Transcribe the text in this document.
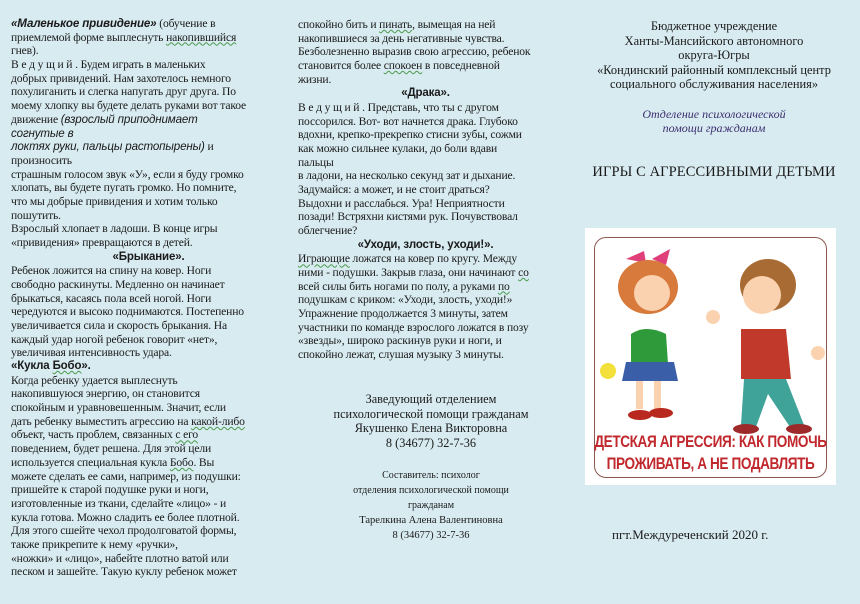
«Маленькое привидение» (обучение в
приемлемой форме выплеснуть накопившийся
гнев).
В е д у щ и й . Будем играть в маленьких
добрых привидений. Нам захотелось немного
похулиганить и слегка напугать друг друга. По
моему хлопку вы будете делать руками вот такое
движение (взрослый приподнимает
согнутые в
локтях руки, пальцы растопырены) и
произносить
страшным голосом звук «У», если я буду громко
хлопать, вы будете пугать громко. Но помните,
что мы добрые привидения и хотим только
пошутить.
Взрослый хлопает в ладоши. В конце игры
«привидения» превращаются в детей.
«Брыкание».
Ребенок ложится на спину на ковер. Ноги
свободно раскинуты. Медленно он начинает
брыкаться, касаясь пола всей ногой. Ноги
чередуются и высоко поднимаются. Постепенно
увеличивается сила и скорость брыкания. На
каждый удар ногой ребенок говорит «нет»,
увеличивая интенсивность удара.
«Кукла Бобо».
Когда ребенку удается выплеснуть
накопившуюся энергию, он становится
спокойным и уравновешенным. Значит, если
дать ребенку выместить агрессию на какой-либо
объект, часть проблем, связанных с его
поведением, будет решена. Для этой цели
используется специальная кукла Бобо. Вы
можете сделать ее сами, например, из подушки:
пришейте к старой подушке руки и ноги,
изготовленные из ткани, сделайте «лицо» - и
кукла готова. Можно сладить ее более плотной.
Для этого сшейте чехол продолговатой формы,
также прикрепите к нему «ручки»,
«ножки» и «лицо», набейте плотно ватой или
песком и зашейте. Такую куклу ребенок может
спокойно бить и пинать, вымещая на ней
накопившиеся за день негативные чувства.
Безболезненно выразив свою агрессию, ребенок
становится более спокоен в повседневной
жизни.
«Драка».
В е д у щ и й . Представь, что ты с другом
поссорился. Вот- вот начнется драка. Глубоко
вдохни, крепко-прекрепко стисни зубы, сожми
как можно сильнее кулаки, до боли вдави
пальцы
в ладони, на несколько секунд зат и дыхание.
Задумайся: а может, и не стоит драться?
Выдохни и расслабься. Ура! Неприятности
позади! Встряхни кистями рук. Почувствовал
облегчение?
«Уходи, злость, уходи!».
Играющие ложатся на ковер по кругу. Между
ними - подушки. Закрыв глаза, они начинают со
всей силы бить ногами по полу, а руками по
подушкам с криком: «Уходи, злость, уходи!»
Упражнение продолжается 3 минуты, затем
участники по команде взрослого ложатся в позу
«звезды», широко раскинув руки и ноги, и
спокойно лежат, слушая музыку 3 минуты.
Заведующий отделением
психологической помощи гражданам
Якушенко Елена Викторовна
8 (34677) 32-7-36
Составитель: психолог
отделения психологической помощи
гражданам
Тарелкина Алена Валентиновна
8 (34677) 32-7-36
Бюджетное учреждение
Ханты-Мансийского автономного
округа-Югры
«Кондинский районный комплексный центр
социального обслуживания населения»
Отделение психологической
помощи гражданам
ИГРЫ С АГРЕССИВНЫМИ ДЕТЬМИ
ДЕТСКАЯ АГРЕССИЯ: КАК ПОМОЧЬ
ПРОЖИВАТЬ, А НЕ ПОДАВЛЯТЬ
пгт.Междуреченский 2020 г.
